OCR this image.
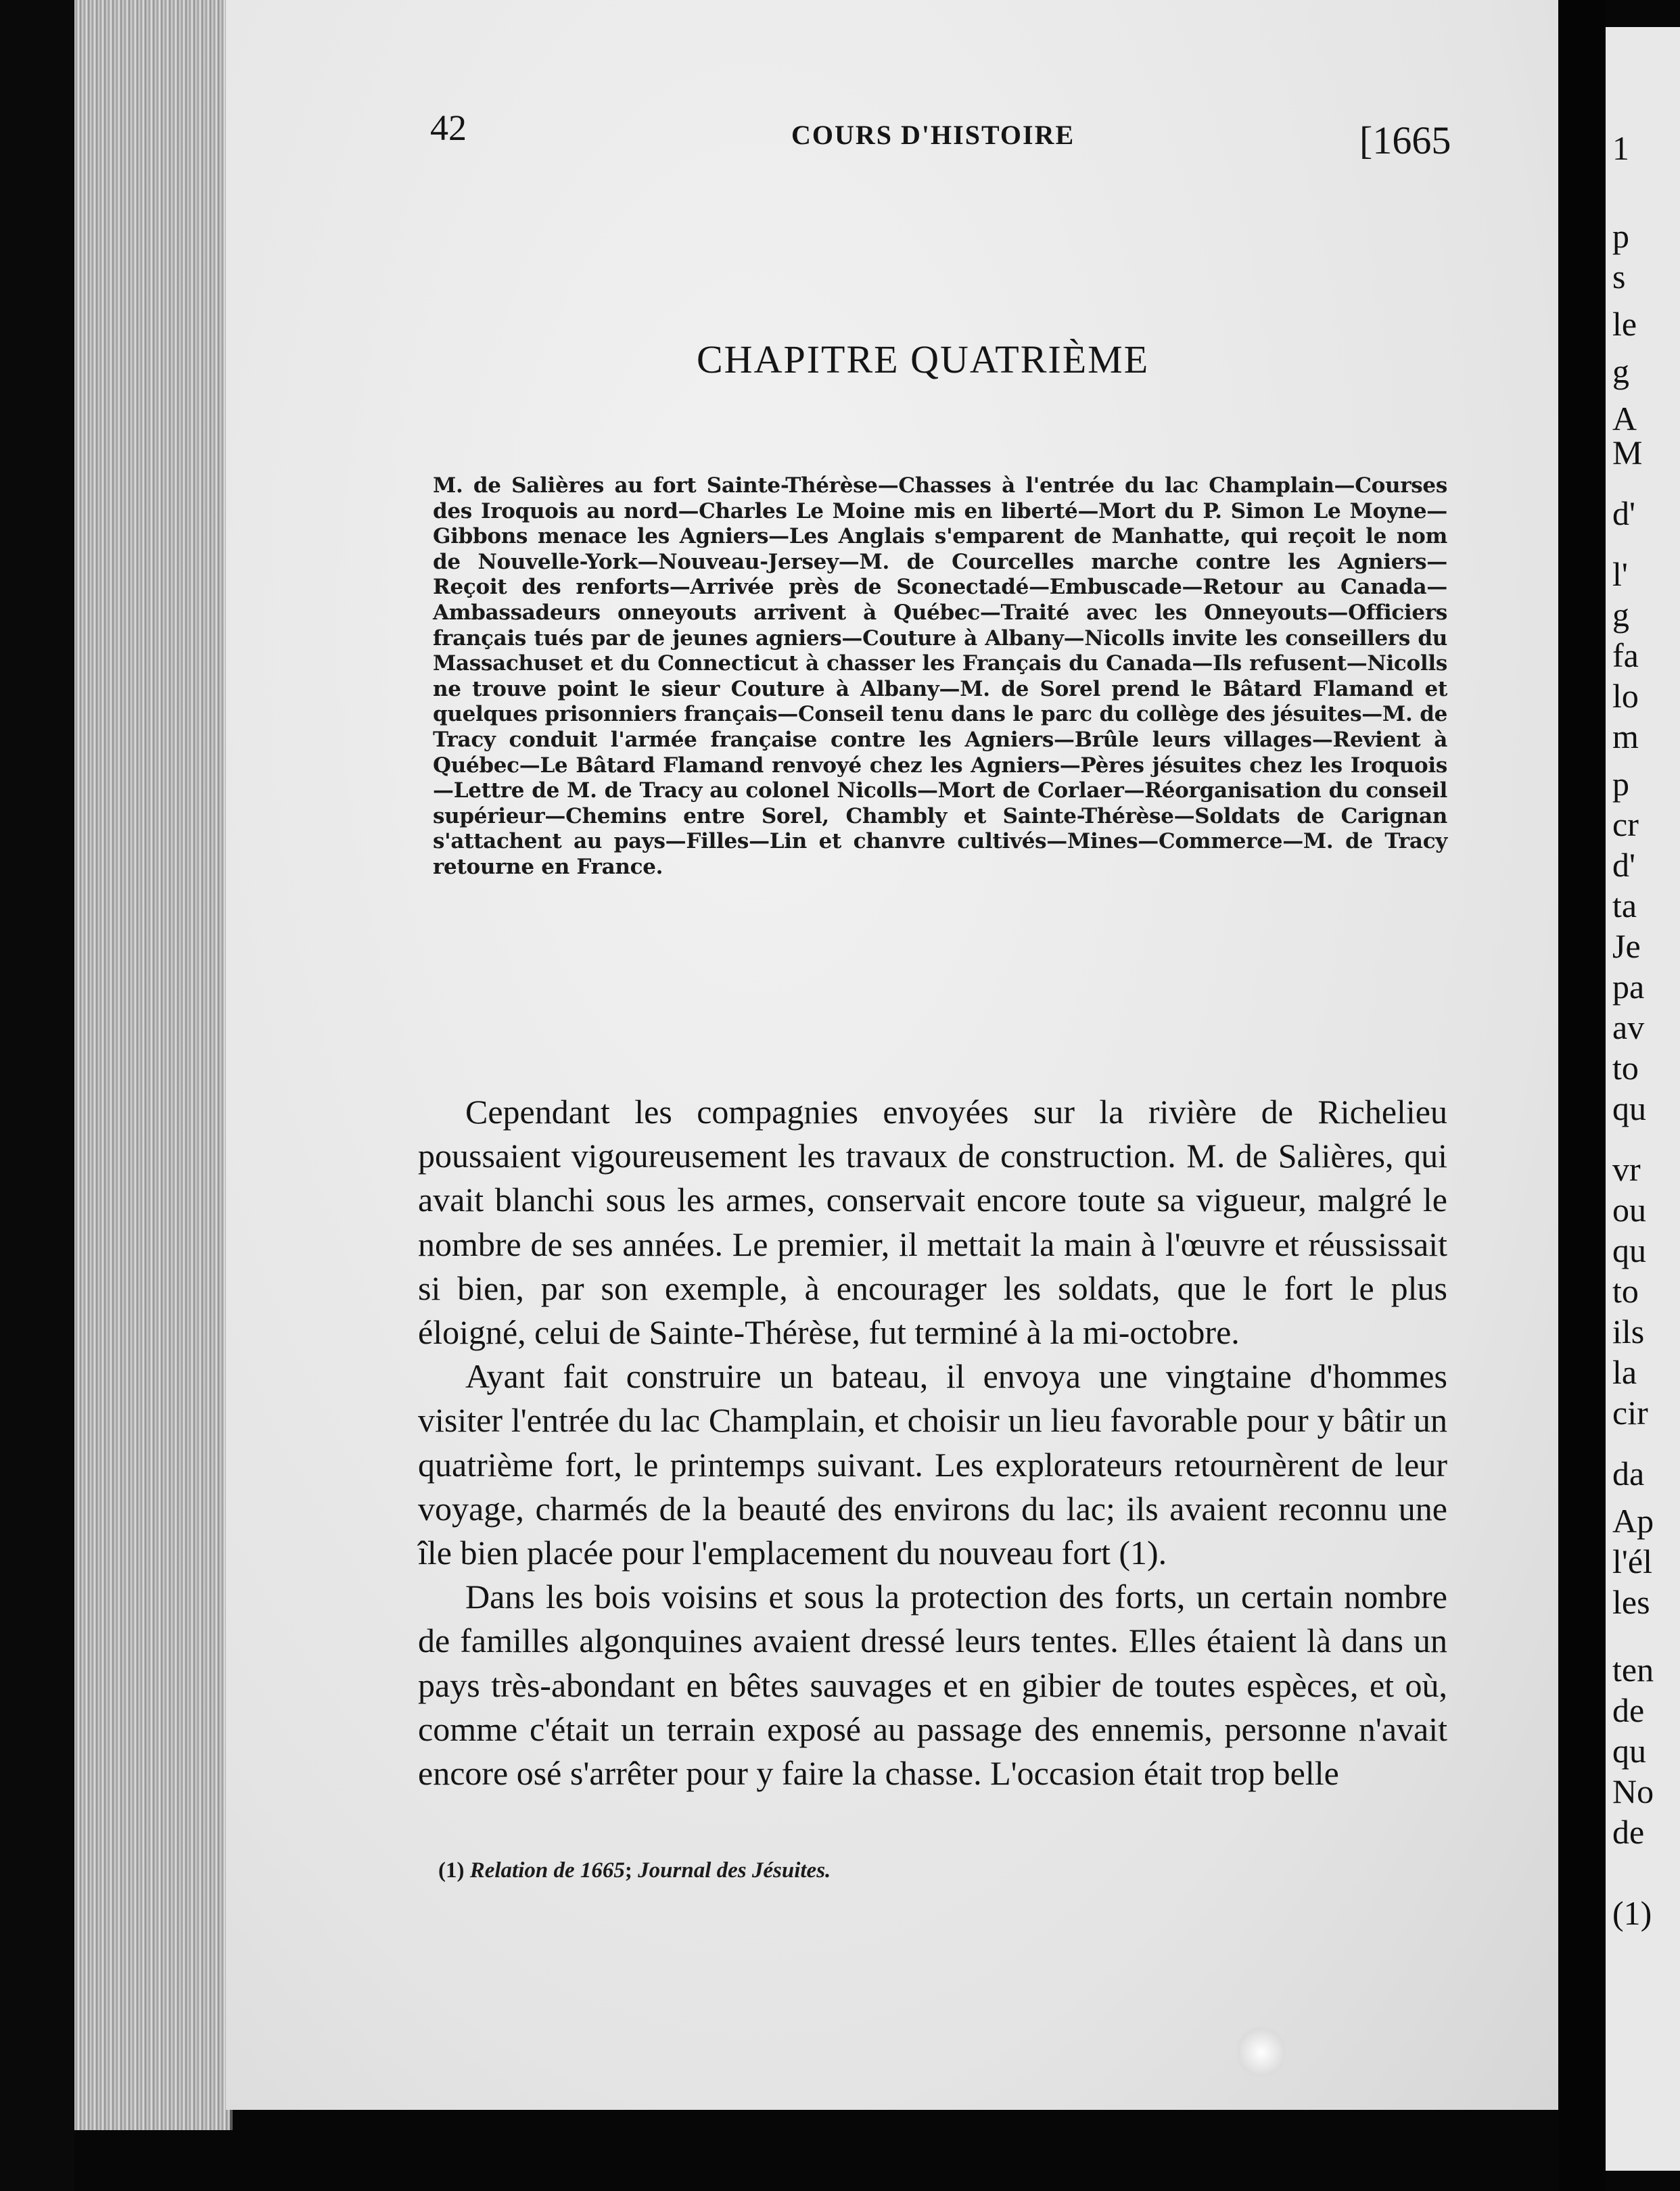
42	COURS D'HISTOIRE	[1665
CHAPITRE QUATRIÈME
M. de Salières au fort Sainte-Thérèse—Chasses à l'entrée du lac Champlain—Courses des Iroquois au nord—Charles Le Moine mis en liberté—Mort du P. Simon Le Moyne—Gibbons menace les Agniers—Les Anglais s'emparent de Manhatte, qui reçoit le nom de Nouvelle-York—Nouveau-Jersey—M. de Courcelles marche contre les Agniers—Reçoit des renforts—Arrivée près de Sconectadé—Embuscade—Retour au Canada—Ambassadeurs onneyouts arrivent à Québec—Traité avec les Onneyouts—Officiers français tués par de jeunes agniers—Couture à Albany—Nicolls invite les conseillers du Massachuset et du Connecticut à chasser les Français du Canada—Ils refusent—Nicolls ne trouve point le sieur Couture à Albany—M. de Sorel prend le Bâtard Flamand et quelques prisonniers français—Conseil tenu dans le parc du collège des jésuites—M. de Tracy conduit l'armée française contre les Agniers—Brûle leurs villages—Revient à Québec—Le Bâtard Flamand renvoyé chez les Agniers—Pères jésuites chez les Iroquois—Lettre de M. de Tracy au colonel Nicolls—Mort de Corlaer—Réorganisation du conseil supérieur—Chemins entre Sorel, Chambly et Sainte-Thérèse—Soldats de Carignan s'attachent au pays—Filles—Lin et chanvre cultivés—Mines—Commerce—M. de Tracy retourne en France.

Cependant les compagnies envoyées sur la rivière de Richelieu poussaient vigoureusement les travaux de construction. M. de Salières, qui avait blanchi sous les armes, conservait encore toute sa vigueur, malgré le nombre de ses années. Le premier, il mettait la main à l'œuvre et réussissait si bien, par son exemple, à encourager les soldats, que le fort le plus éloigné, celui de Sainte-Thérèse, fut terminé à la mi-octobre.

Ayant fait construire un bateau, il envoya une vingtaine d'hommes visiter l'entrée du lac Champlain, et choisir un lieu favorable pour y bâtir un quatrième fort, le printemps suivant. Les explorateurs retournèrent de leur voyage, charmés de la beauté des environs du lac; ils avaient reconnu une île bien placée pour l'emplacement du nouveau fort (1).

Dans les bois voisins et sous la protection des forts, un certain nombre de familles algonquines avaient dressé leurs tentes. Elles étaient là dans un pays très-abondant en bêtes sauvages et en gibier de toutes espèces, et où, comme c'était un terrain exposé au passage des ennemis, personne n'avait encore osé s'arrêter pour y faire la chasse. L'occasion était trop belle

(1) Relation de 1665; Journal des Jésuites.
1
p
s
le
g
A
M
d'
l'
g
fa
lo
m
p
cr
d'
ta
Je
pa
av
to
qu
vr
ou
qu
to
ils
la
cir
da
Ap
l'él
les
ten
de
qu
No
de
(1)
